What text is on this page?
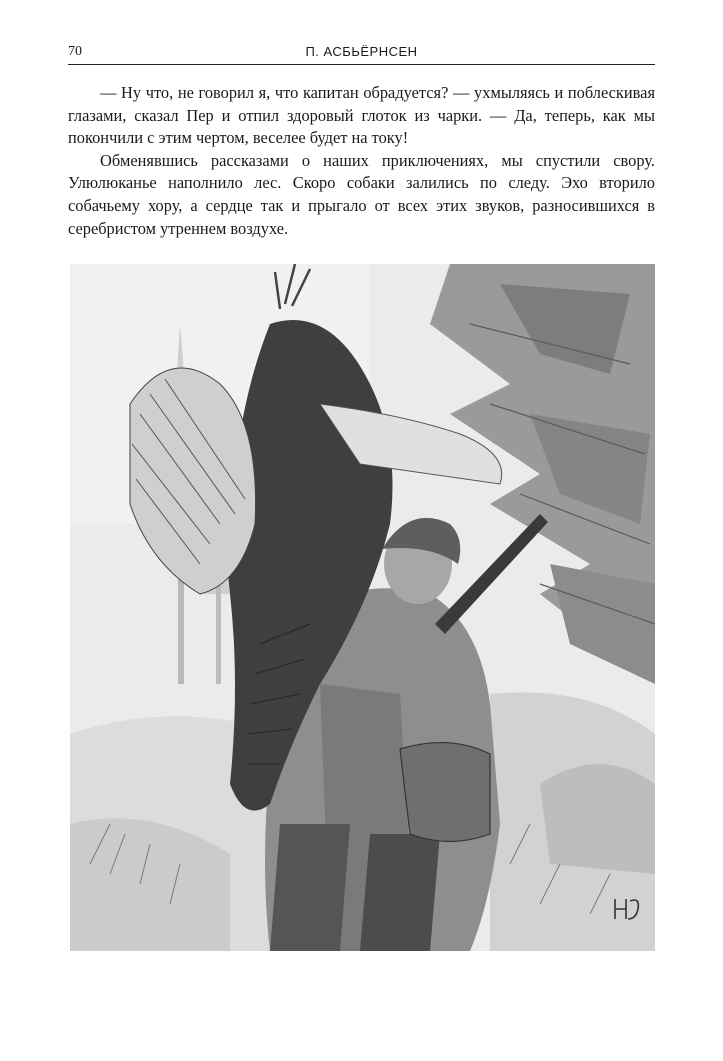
70	П. АСБЬЁРНСЕН

— Ну что, не говорил я, что капитан обрадуется? — ухмыляясь и поблескивая глазами, сказал Пер и отпил здоровый глоток из чарки. — Да, теперь, как мы покончили с этим чертом, веселее будет на току!

Обменявшись рассказами о наших приключениях, мы спустили свору. Улюлюканье наполнило лес. Скоро собаки залились по следу. Эхо вторило собачьему хору, а сердце так и прыгало от всех этих звуков, разносившихся в серебристом утреннем воздухе.
